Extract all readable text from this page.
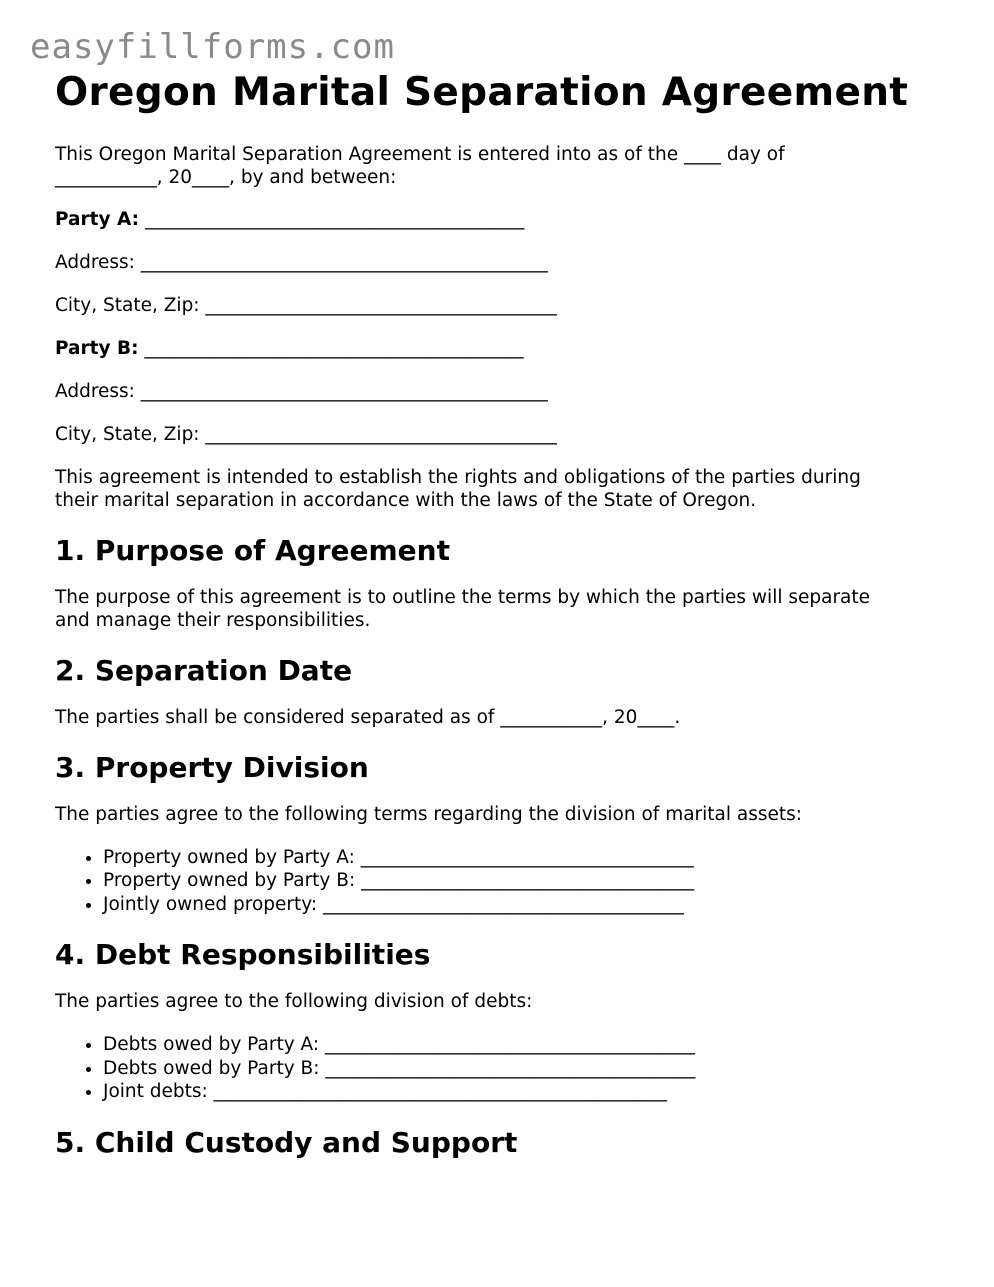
easyfillforms.com
Oregon Marital Separation Agreement

This Oregon Marital Separation Agreement is entered into as of the ____ day of

___________, 20____, by and between:

Party A: _________________________________________

Address: ____________________________________________

City, State, Zip: ______________________________________

Party B: _________________________________________

Address: ____________________________________________

City, State, Zip: ______________________________________

This agreement is intended to establish the rights and obligations of the parties during

their marital separation in accordance with the laws of the State of Oregon.

1. Purpose of Agreement

The purpose of this agreement is to outline the terms by which the parties will separate

and manage their responsibilities.

2. Separation Date

The parties shall be considered separated as of ___________, 20____.

3. Property Division

The parties agree to the following terms regarding the division of marital assets:

• Property owned by Party A: ____________________________________
• Property owned by Party B: ____________________________________
• Jointly owned property: _______________________________________
4. Debt Responsibilities

The parties agree to the following division of debts:

• Debts owed by Party A: ________________________________________
• Debts owed by Party B: ________________________________________
• Joint debts: _________________________________________________
5. Child Custody and Support
